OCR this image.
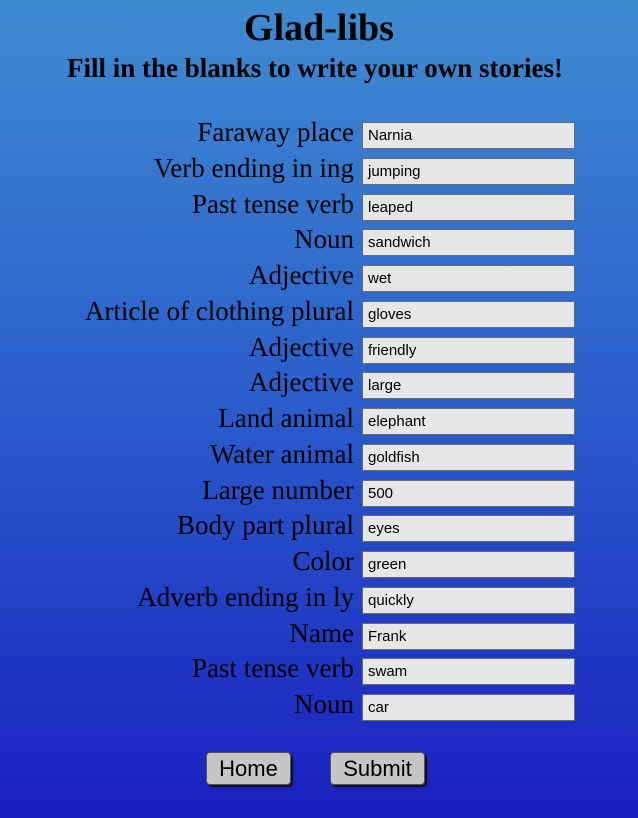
Glad-libs
Fill in the blanks to write your own stories!
Faraway place Narnia
Verb ending in ing jumping
Past tense verb leaped
Noun sandwich
Adjective wet
Article of clothing plural gloves
Adjective friendly
Adjective large
Land animal elephant
Water animal goldfish
Large number 500
Body part plural eyes
Color green
Adverb ending in ly quickly
Name Frank
Past tense verb swam
Noun car
Home	Submit
